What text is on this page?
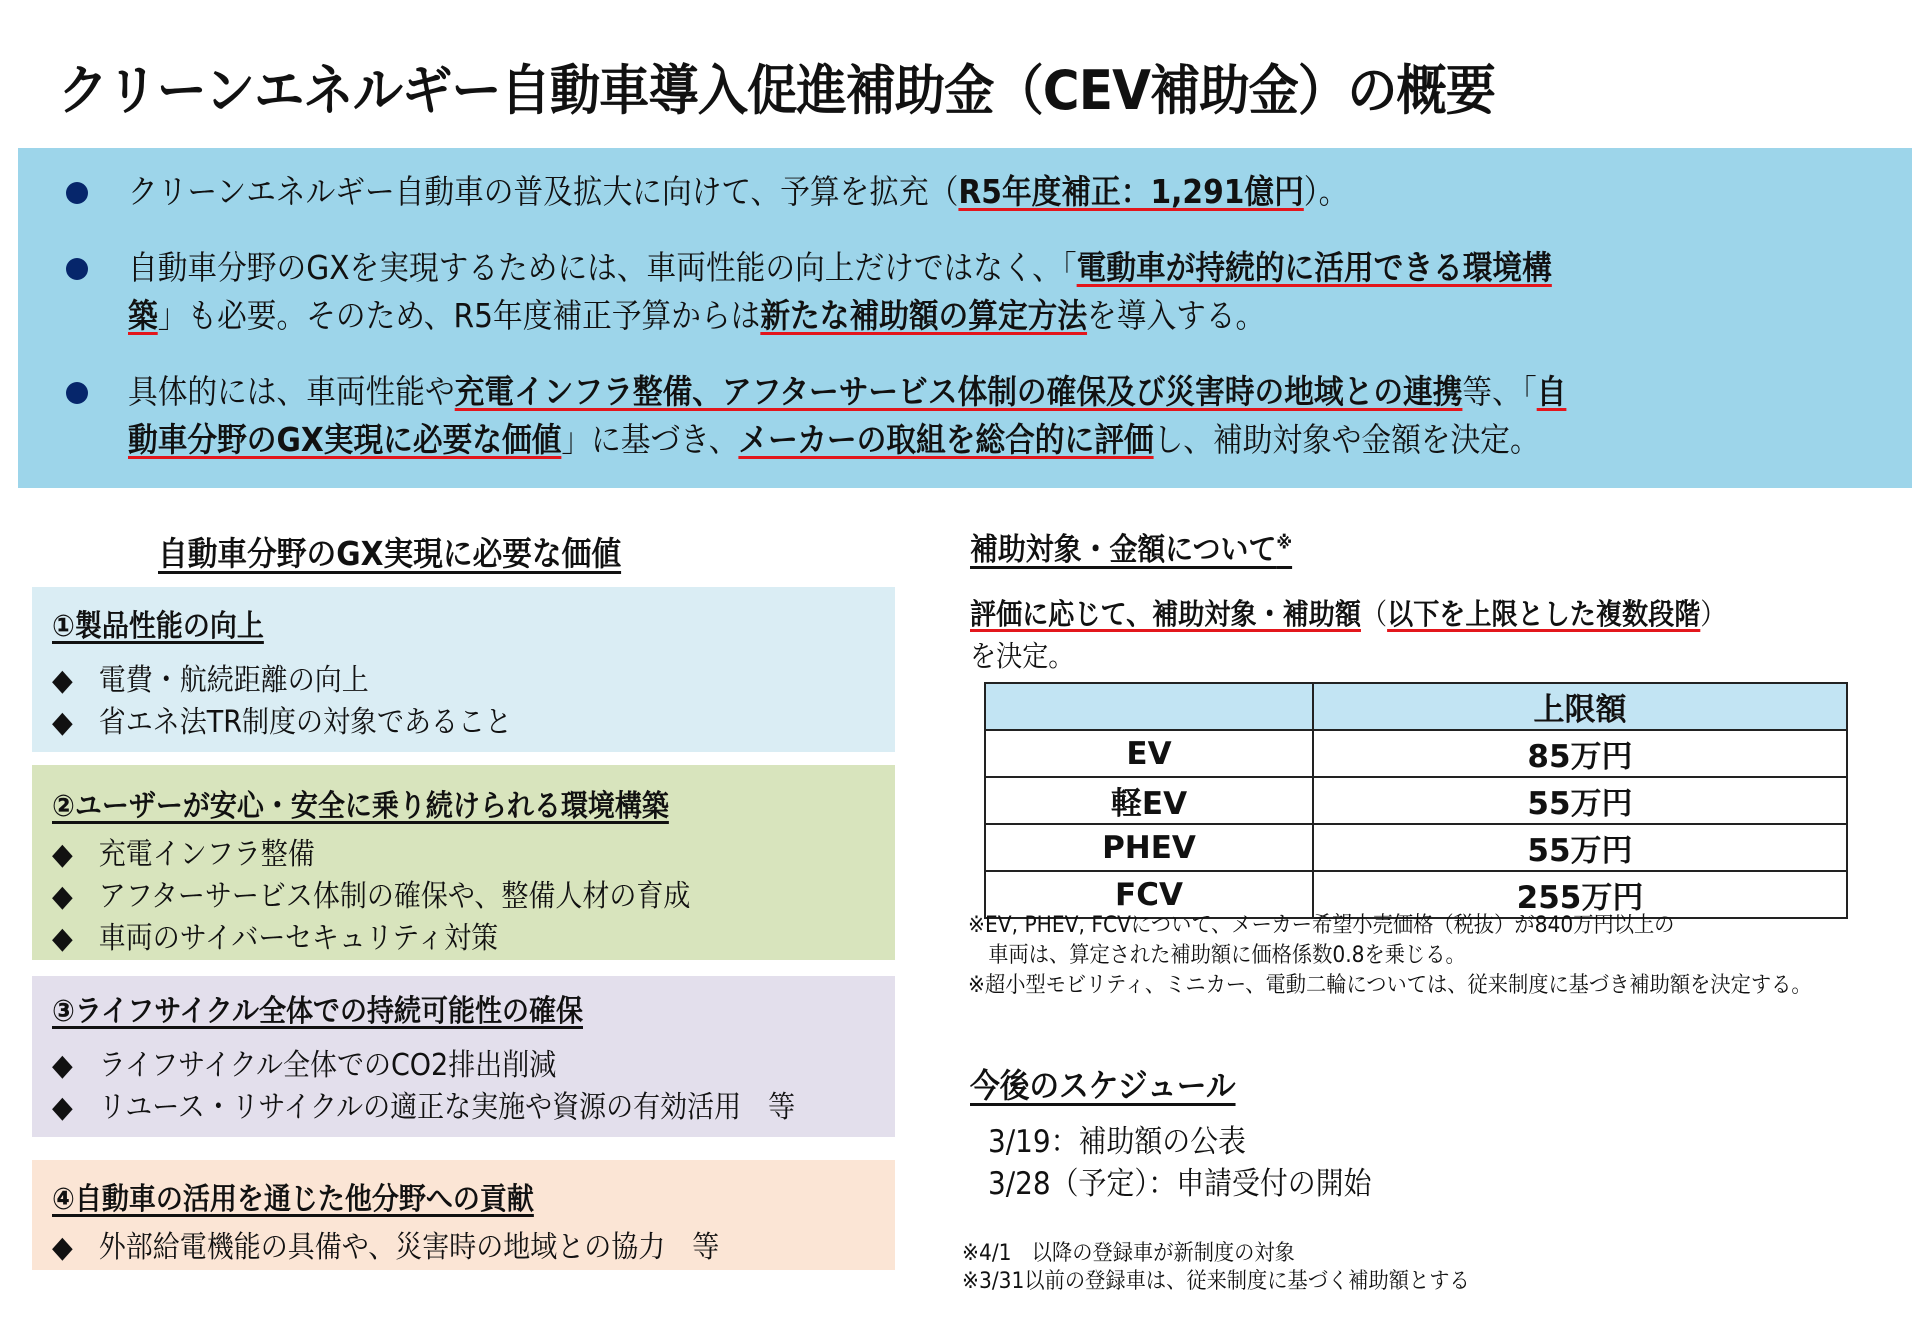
クリーンエネルギー自動車導入促進補助金（CEV補助金）の概要
クリーンエネルギー自動車の普及拡大に向けて、予算を拡充（R5年度補正：1,291億円）。
自動車分野のGXを実現するためには、車両性能の向上だけではなく、「電動車が持続的に活用できる環境構
築」も必要。そのため、R5年度補正予算からは新たな補助額の算定方法を導入する。
具体的には、車両性能や充電インフラ整備、アフターサービス体制の確保及び災害時の地域との連携等、「自
動車分野のGX実現に必要な価値」に基づき、メーカーの取組を総合的に評価し、補助対象や金額を決定。
自動車分野のGX実現に必要な価値
①製品性能の向上
◆ 電費・航続距離の向上
◆ 省エネ法TR制度の対象であること
②ユーザーが安心・安全に乗り続けられる環境構築
◆ 充電インフラ整備
◆ アフターサービス体制の確保や、整備人材の育成
◆ 車両のサイバーセキュリティ対策
③ライフサイクル全体での持続可能性の確保
◆ ライフサイクル全体でのCO2排出削減
◆ リユース・リサイクルの適正な実施や資源の有効活用　等
④自動車の活用を通じた他分野への貢献
◆ 外部給電機能の具備や、災害時の地域との協力　等
補助対象・金額について※
評価に応じて、補助対象・補助額（以下を上限とした複数段階）
を決定。
	上限額
EV	85万円
軽EV	55万円
PHEV	55万円
FCV	255万円
※EV, PHEV, FCVについて、メーカー希望小売価格（税抜）が840万円以上の
　車両は、算定された補助額に価格係数0.8を乗じる。
※超小型モビリティ、ミニカー、電動二輪については、従来制度に基づき補助額を決定する。
今後のスケジュール
3/19：補助額の公表
3/28（予定）：申請受付の開始
※4/1　以降の登録車が新制度の対象
※3/31以前の登録車は、従来制度に基づく補助額とする
